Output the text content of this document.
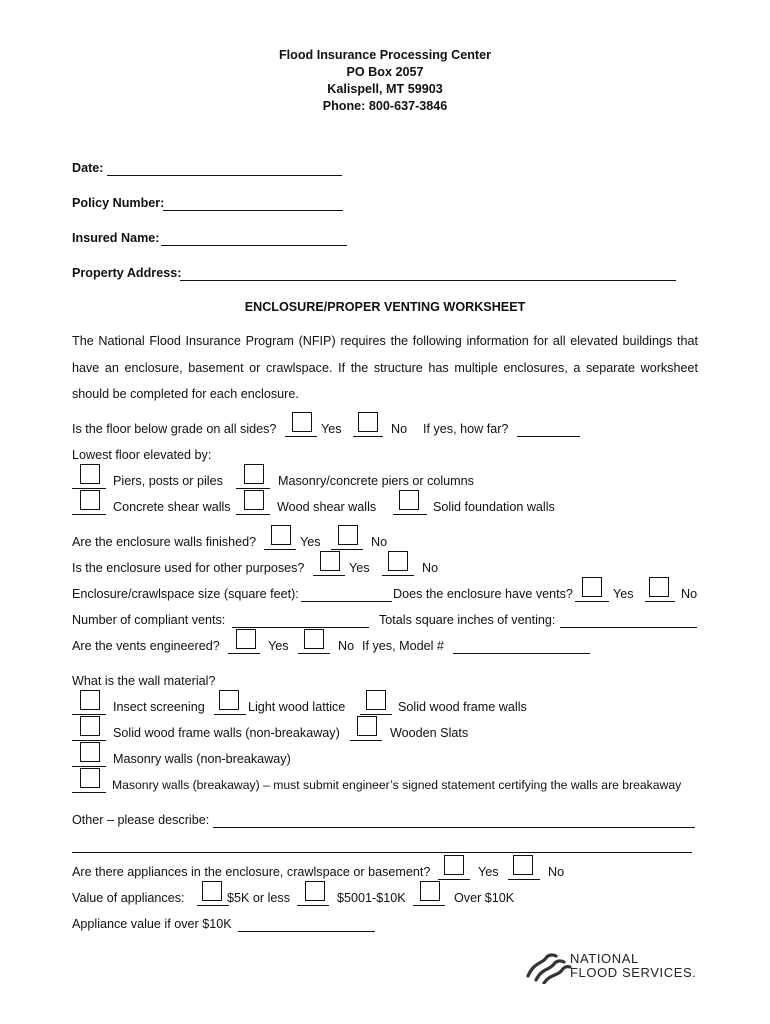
Flood Insurance Processing Center
PO Box 2057
Kalispell, MT 59903
Phone: 800-637-3846
Date:
Policy Number:
Insured Name:
Property Address:
ENCLOSURE/PROPER VENTING WORKSHEET
The National Flood Insurance Program (NFIP) requires the following information for all elevated buildings that
have an enclosure, basement or crawlspace. If the structure has multiple enclosures, a separate worksheet
should be completed for each enclosure.
Is the floor below grade on all sides?	Yes	No If yes, how far?
Lowest floor elevated by:
Piers, posts or piles	Masonry/concrete piers or columns
Concrete shear walls	Wood shear walls	Solid foundation walls
Are the enclosure walls finished?	Yes	No
Is the enclosure used for other purposes?	Yes	No
Enclosure/crawlspace size (square feet):	Does the enclosure have vents?	Yes	No
Number of compliant vents:	Totals square inches of venting:
Are the vents engineered?	Yes	No If yes, Model #
What is the wall material?
Insect screening	Light wood lattice	Solid wood frame walls
Solid wood frame walls (non-breakaway)	Wooden Slats
Masonry walls (non-breakaway)
Masonry walls (breakaway) – must submit engineer’s signed statement certifying the walls are breakaway
Other – please describe:
Are there appliances in the enclosure, crawlspace or basement?	Yes	No
Value of appliances:	$5K or less	$5001-$10K	Over $10K
Appliance value if over $10K
NATIONAL
FLOOD SERVICES.
